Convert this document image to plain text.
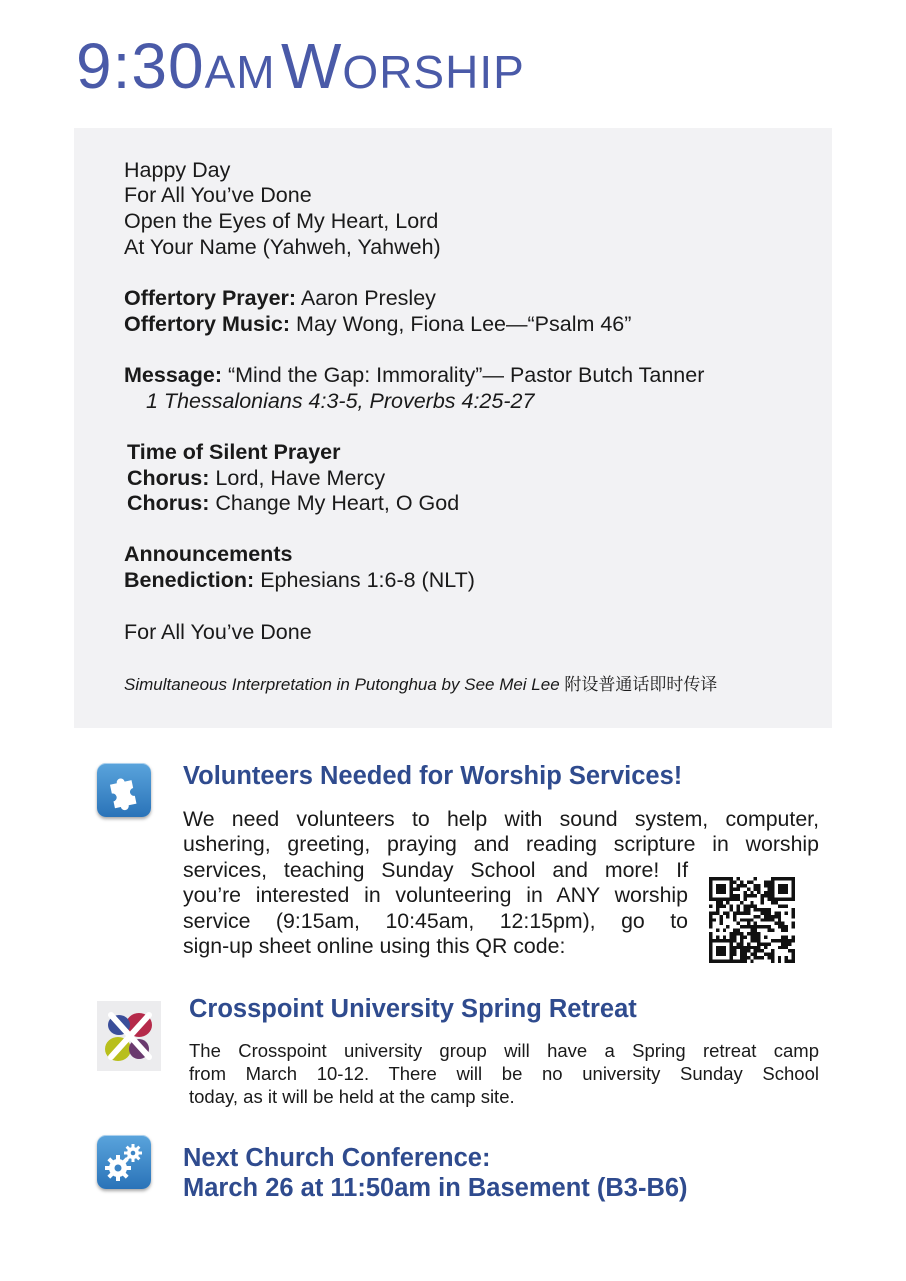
9:30AM WORSHIP
Happy Day
For All You’ve Done
Open the Eyes of My Heart, Lord
At Your Name (Yahweh, Yahweh)
Offertory Prayer: Aaron Presley
Offertory Music: May Wong, Fiona Lee—“Psalm 46”
Message: “Mind the Gap: Immorality”— Pastor Butch Tanner
1 Thessalonians 4:3-5, Proverbs 4:25-27
Time of Silent Prayer
Chorus: Lord, Have Mercy
Chorus: Change My Heart, O God
Announcements
Benediction: Ephesians 1:6-8 (NLT)
For All You’ve Done
Simultaneous Interpretation in Putonghua by See Mei Lee 附设普通话即时传译
Volunteers Needed for Worship Services!
We need volunteers to help with sound system, computer,
ushering, greeting, praying and reading scripture in worship
services, teaching Sunday School and more! If
you’re interested in volunteering in ANY worship
service (9:15am, 10:45am, 12:15pm), go to
sign-up sheet online using this QR code:
Crosspoint University Spring Retreat
The Crosspoint university group will have a Spring retreat camp
from March 10-12. There will be no university Sunday School
today, as it will be held at the camp site.
Next Church Conference:
March 26 at 11:50am in Basement (B3-B6)
